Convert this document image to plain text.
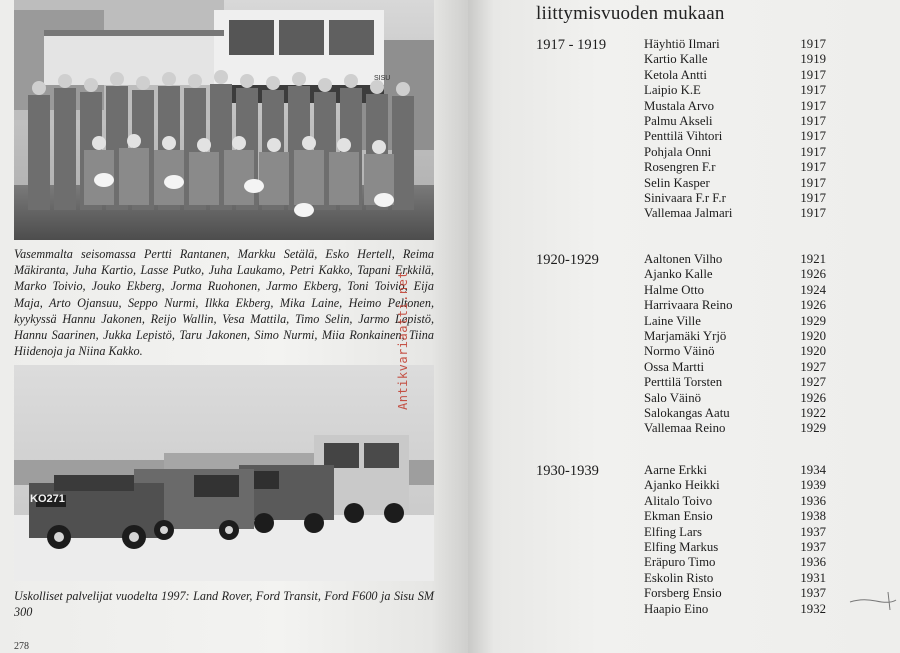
SISU
Vasemmalta seisomassa Pertti Rantanen, Markku Setälä, Esko Hertell, Reima Mäkiranta, Juha Kartio, Lasse Putko, Juha Laukamo, Petri Kakko, Tapani Erkkilä, Marko Toivio, Jouko Ekberg, Jorma Ruohonen, Jarmo Ekberg, Toni Toivio, Eija Maja, Arto Ojansuu, Seppo Nurmi, Ilkka Ekberg, Mika Laine, Heimo Peltonen, kyykyssä Hannu Jakonen, Reijo Wallin, Vesa Mattila, Timo Selin, Jarmo Lepistö, Hannu Saarinen, Jukka Lepistö, Taru Jakonen, Simo Nurmi, Miia Ronkainen, Tiina Hiidenoja ja Niina Kakko.
KO271
Uskolliset palvelijat vuodelta 1997: Land Rover, Ford Transit, Ford F600 ja Sisu SM 300
278
Antikvariaatti.net
liittymisvuoden mukaan
1917 - 1919	Häyhtiö Ilmari	1917
Kartio Kalle	1919
Ketola Antti	1917
Laipio K.E	1917
Mustala Arvo	1917
Palmu Akseli	1917
Penttilä Vihtori	1917
Pohjala Onni	1917
Rosengren F.r	1917
Selin Kasper	1917
Sinivaara F.r F.r	1917
Vallemaa Jalmari	1917
1920-1929	Aaltonen Vilho	1921
Ajanko Kalle	1926
Halme Otto	1924
Harrivaara Reino	1926
Laine Ville	1929
Marjamäki Yrjö	1920
Normo Väinö	1920
Ossa Martti	1927
Perttilä Torsten	1927
Salo Väinö	1926
Salokangas Aatu	1922
Vallemaa Reino	1929
1930-1939	Aarne Erkki	1934
Ajanko Heikki	1939
Alitalo Toivo	1936
Ekman Ensio	1938
Elfing Lars	1937
Elfing Markus	1937
Eräpuro Timo	1936
Eskolin Risto	1931
Forsberg Ensio	1937
Haapio Eino	1932
